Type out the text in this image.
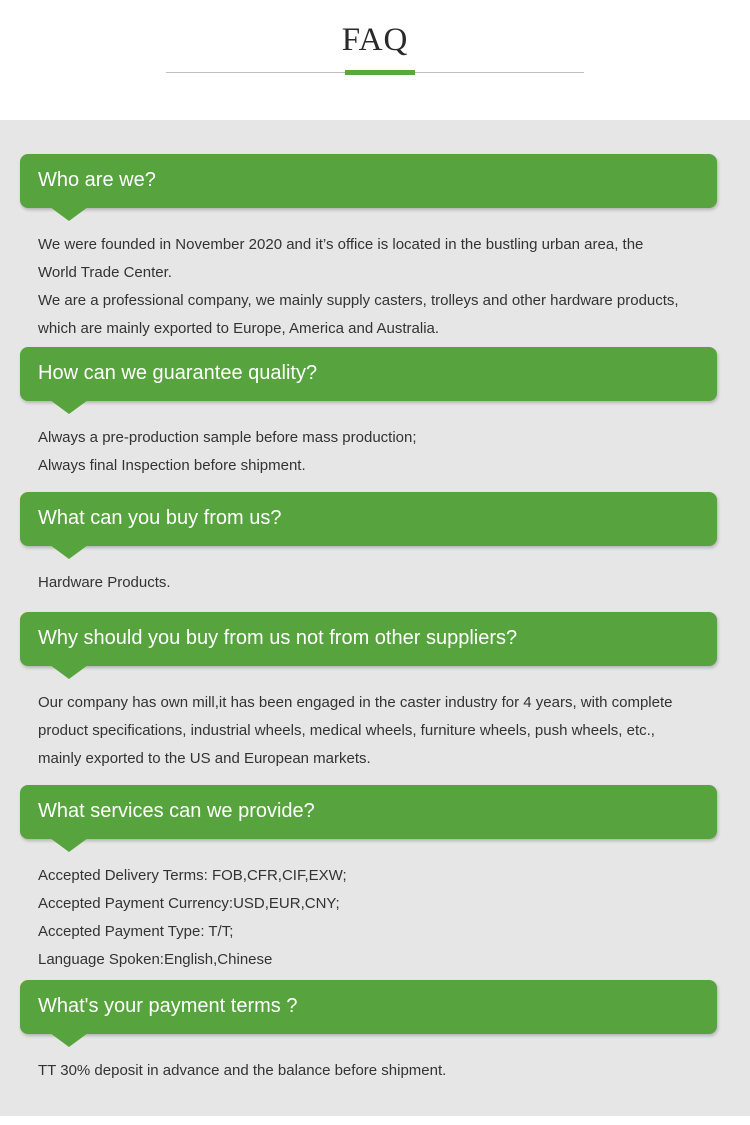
FAQ
Who are we?

We were founded in November 2020 and it’s office is located in the bustling urban area, the

World Trade Center.

We are a professional company, we mainly supply casters, trolleys and other hardware products,

which are mainly exported to Europe, America and Australia.

How can we guarantee quality?

Always a pre-production sample before mass production;

Always final Inspection before shipment.

What can you buy from us?

Hardware Products.

Why should you buy from us not from other suppliers?

Our company has own mill,it has been engaged in the caster industry for 4 years, with complete

product specifications, industrial wheels, medical wheels, furniture wheels, push wheels, etc.,

mainly exported to the US and European markets.

What services can we provide?

Accepted Delivery Terms: FOB,CFR,CIF,EXW;

Accepted Payment Currency:USD,EUR,CNY;

Accepted Payment Type: T/T;

Language Spoken:English,Chinese

What's your payment terms ?

TT 30% deposit in advance and the balance before shipment.
